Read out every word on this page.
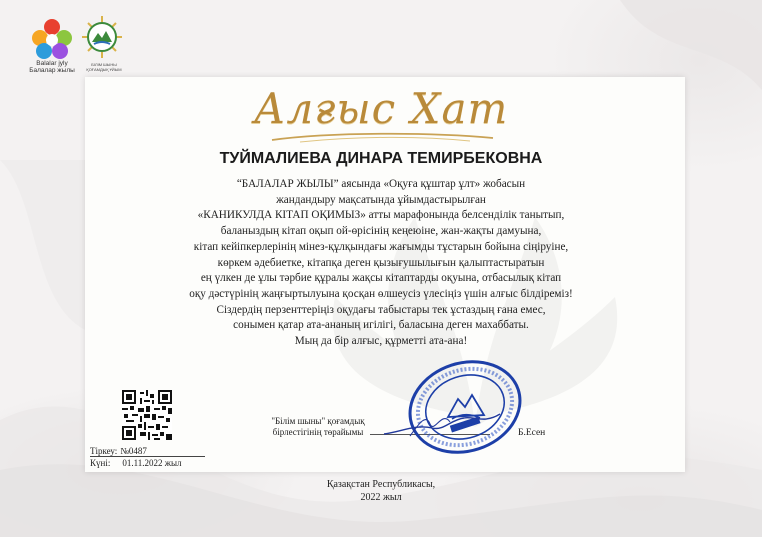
Balalar jyly
Балалар жылы
БІЛІМ ШЫНЫ
ҚОҒАМДЫҚ ҰЙЫМ
Алғыс Хат
ТУЙМАЛИЕВА ДИНАРА ТЕМИРБЕКОВНА
“БАЛАЛАР ЖЫЛЫ” аясында «Оқуға құштар ұлт» жобасын
жандандыру мақсатында ұйымдастырылған
«КАНИКУЛДА КІТАП ОҚИМЫЗ» атты марафонында белсенділік танытып,
баланыздың кітап оқып ой-өрісінің кеңеюіне, жан-жақты дамуына,
кітап кейіпкерлерінің мінез-құлқындағы жағымды тұстарын бойына сіңіруіне,
көркем әдебиетке, кітапқа деген қызығушылығын қалыптастыратын
ең үлкен де ұлы тәрбие құралы жақсы кітаптарды оқуына, отбасылық кітап
оқу дәстүрінің жаңғыртылуына қосқан өлшеусіз үлесіңіз үшін алғыс білдіреміз!
Сіздердің перзенттеріңіз оқудағы табыстары тек ұстаздың ғана емес,
сонымен қатар ата-ананың игілігі, баласына деген махаббаты.
Мың да бір алғыс, құрметті ата-ана!
Тіркеу: №0487
Күні: 01.11.2022 жыл
"Білім шыны" қоғамдық
бірлестігінің төрайымы	Б.Есен
Қазақстан Республикасы,
2022 жыл
